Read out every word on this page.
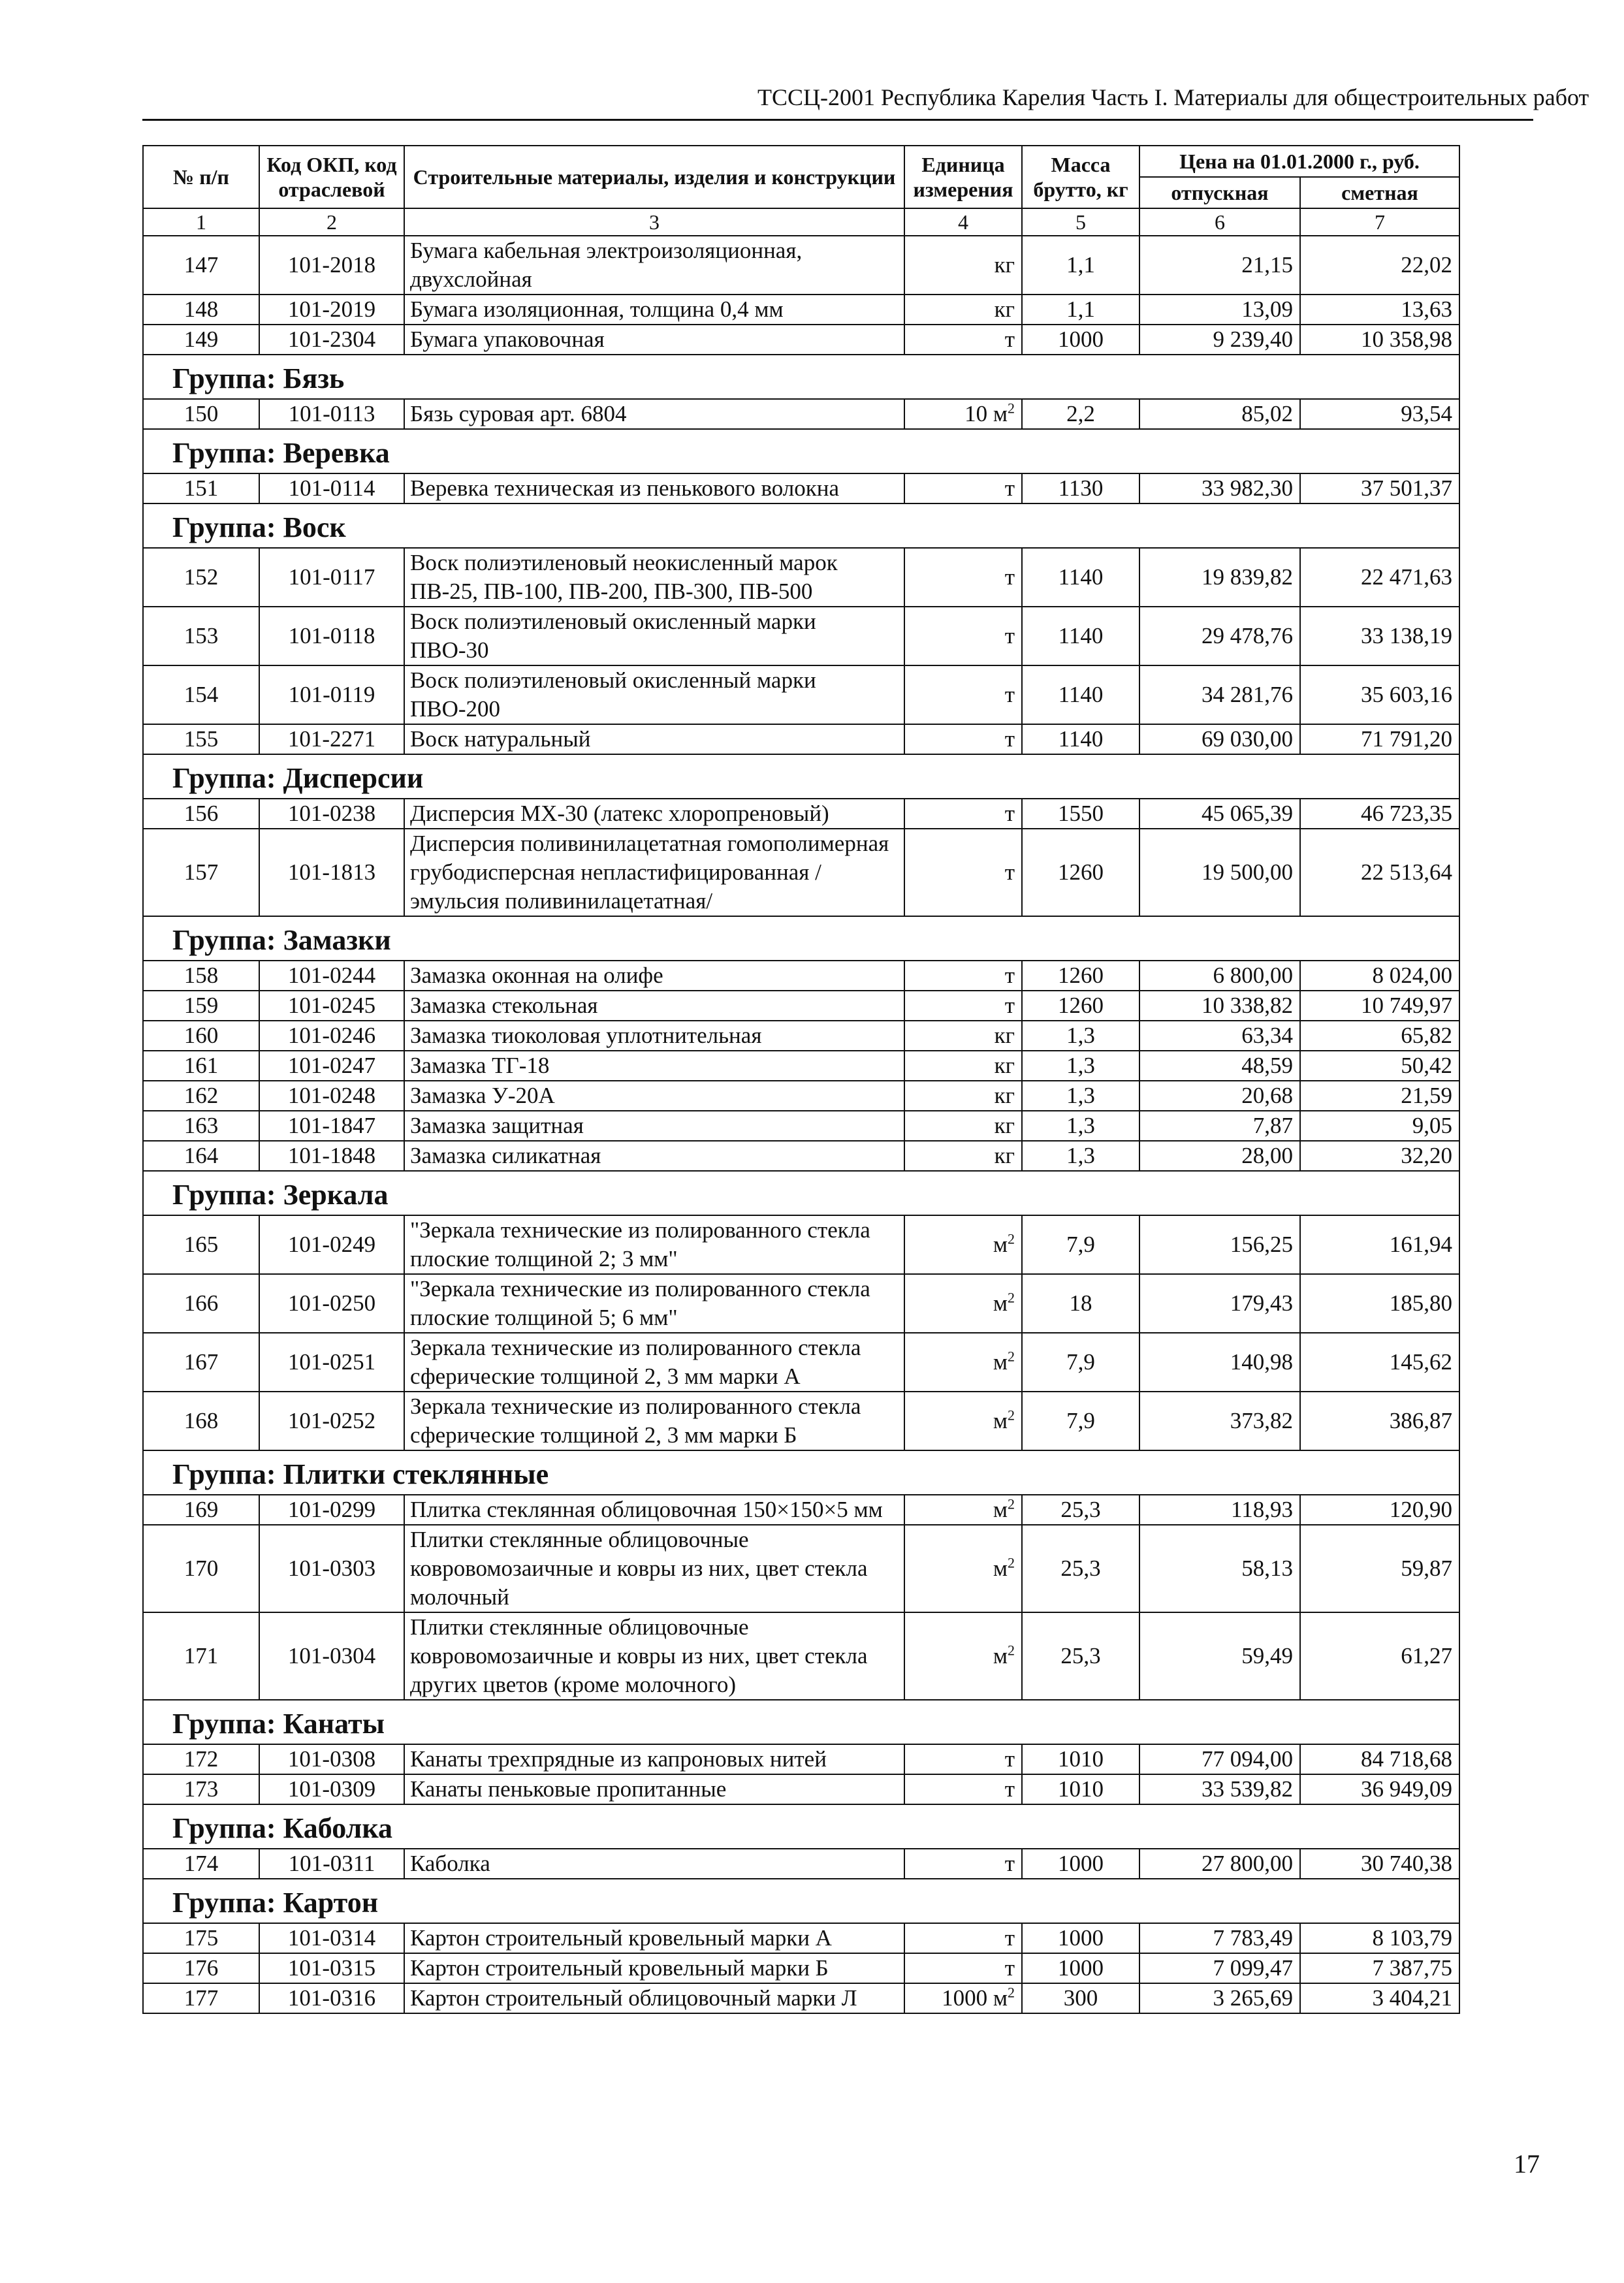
ТССЦ-2001 Республика Карелия Часть I. Материалы для общестроительных работ
№ п/п	Код ОКП, код отраслевой	Строительные материалы, изделия и конструкции	Единица измерения	Масса брутто, кг	Цена на 01.01.2000 г., руб.	
					отпускная	сметная
1	2	3	4	5	6	7
147	101-2018	Бумага кабельная электроизоляционная, двухслойная	кг	1,1	21,15	22,02
148	101-2019	Бумага изоляционная, толщина 0,4 мм	кг	1,1	13,09	13,63
149	101-2304	Бумага упаковочная	т	1000	9 239,40	10 358,98
Группа: Бязь						
150	101-0113	Бязь суровая арт. 6804	10 $м^2$	2,2	85,02	93,54
Группа: Веревка						
151	101-0114	Веревка техническая из пенькового волокна	т	1130	33 982,30	37 501,37
Группа: Воск						
152	101-0117	Воск полиэтиленовый неокисленный марок ПВ-25, ПВ-100, ПВ-200, ПВ-300, ПВ-500	т	1140	19 839,82	22 471,63
153	101-0118	Воск полиэтиленовый окисленный марки ПВО-30	т	1140	29 478,76	33 138,19
154	101-0119	Воск полиэтиленовый окисленный марки ПВО-200	т	1140	34 281,76	35 603,16
155	101-2271	Воск натуральный	т	1140	69 030,00	71 791,20
Группа: Дисперсии						
156	101-0238	Дисперсия МХ-30 (латекс хлоропреновый)	т	1550	45 065,39	46 723,35
157	101-1813	Дисперсия поливинилацетатная гомополимерная грубодисперсная непластифицированная /эмульсия поливинилацетатная/	т	1260	19 500,00	22 513,64
Группа: Замазки						
158	101-0244	Замазка оконная на олифе	т	1260	6 800,00	8 024,00
159	101-0245	Замазка стекольная	т	1260	10 338,82	10 749,97
160	101-0246	Замазка тиоколовая уплотнительная	кг	1,3	63,34	65,82
161	101-0247	Замазка ТГ-18	кг	1,3	48,59	50,42
162	101-0248	Замазка У-20А	кг	1,3	20,68	21,59
163	101-1847	Замазка защитная	кг	1,3	7,87	9,05
164	101-1848	Замазка силикатная	кг	1,3	28,00	32,20
Группа: Зеркала						
165	101-0249	"Зеркала технические из полированного стекла плоские толщиной 2; 3 мм"	$м^2$	7,9	156,25	161,94
166	101-0250	"Зеркала технические из полированного стекла плоские толщиной 5; 6 мм"	$м^2$	18	179,43	185,80
167	101-0251	Зеркала технические из полированного стекла сферические толщиной 2, 3 мм марки А	$м^2$	7,9	140,98	145,62
168	101-0252	Зеркала технические из полированного стекла сферические толщиной 2, 3 мм марки Б	$м^2$	7,9	373,82	386,87
Группа: Плитки стеклянные						
169	101-0299	Плитка стеклянная облицовочная 150×150×5 мм	$м^2$	25,3	118,93	120,90
170	101-0303	Плитки стеклянные облицовочные ковровомозаичные и ковры из них, цвет стекла молочный	$м^2$	25,3	58,13	59,87
171	101-0304	Плитки стеклянные облицовочные ковровомозаичные и ковры из них, цвет стекла других цветов (кроме молочного)	$м^2$	25,3	59,49	61,27
Группа: Канаты						
172	101-0308	Канаты трехпрядные из капроновых нитей	т	1010	77 094,00	84 718,68
173	101-0309	Канаты пеньковые пропитанные	т	1010	33 539,82	36 949,09
Группа: Каболка						
174	101-0311	Каболка	т	1000	27 800,00	30 740,38
Группа: Картон						
175	101-0314	Картон строительный кровельный марки А	т	1000	7 783,49	8 103,79
176	101-0315	Картон строительный кровельный марки Б	т	1000	7 099,47	7 387,75
177	101-0316	Картон строительный облицовочный марки Л	1000 $м^2$	300	3 265,69	3 404,21
17
